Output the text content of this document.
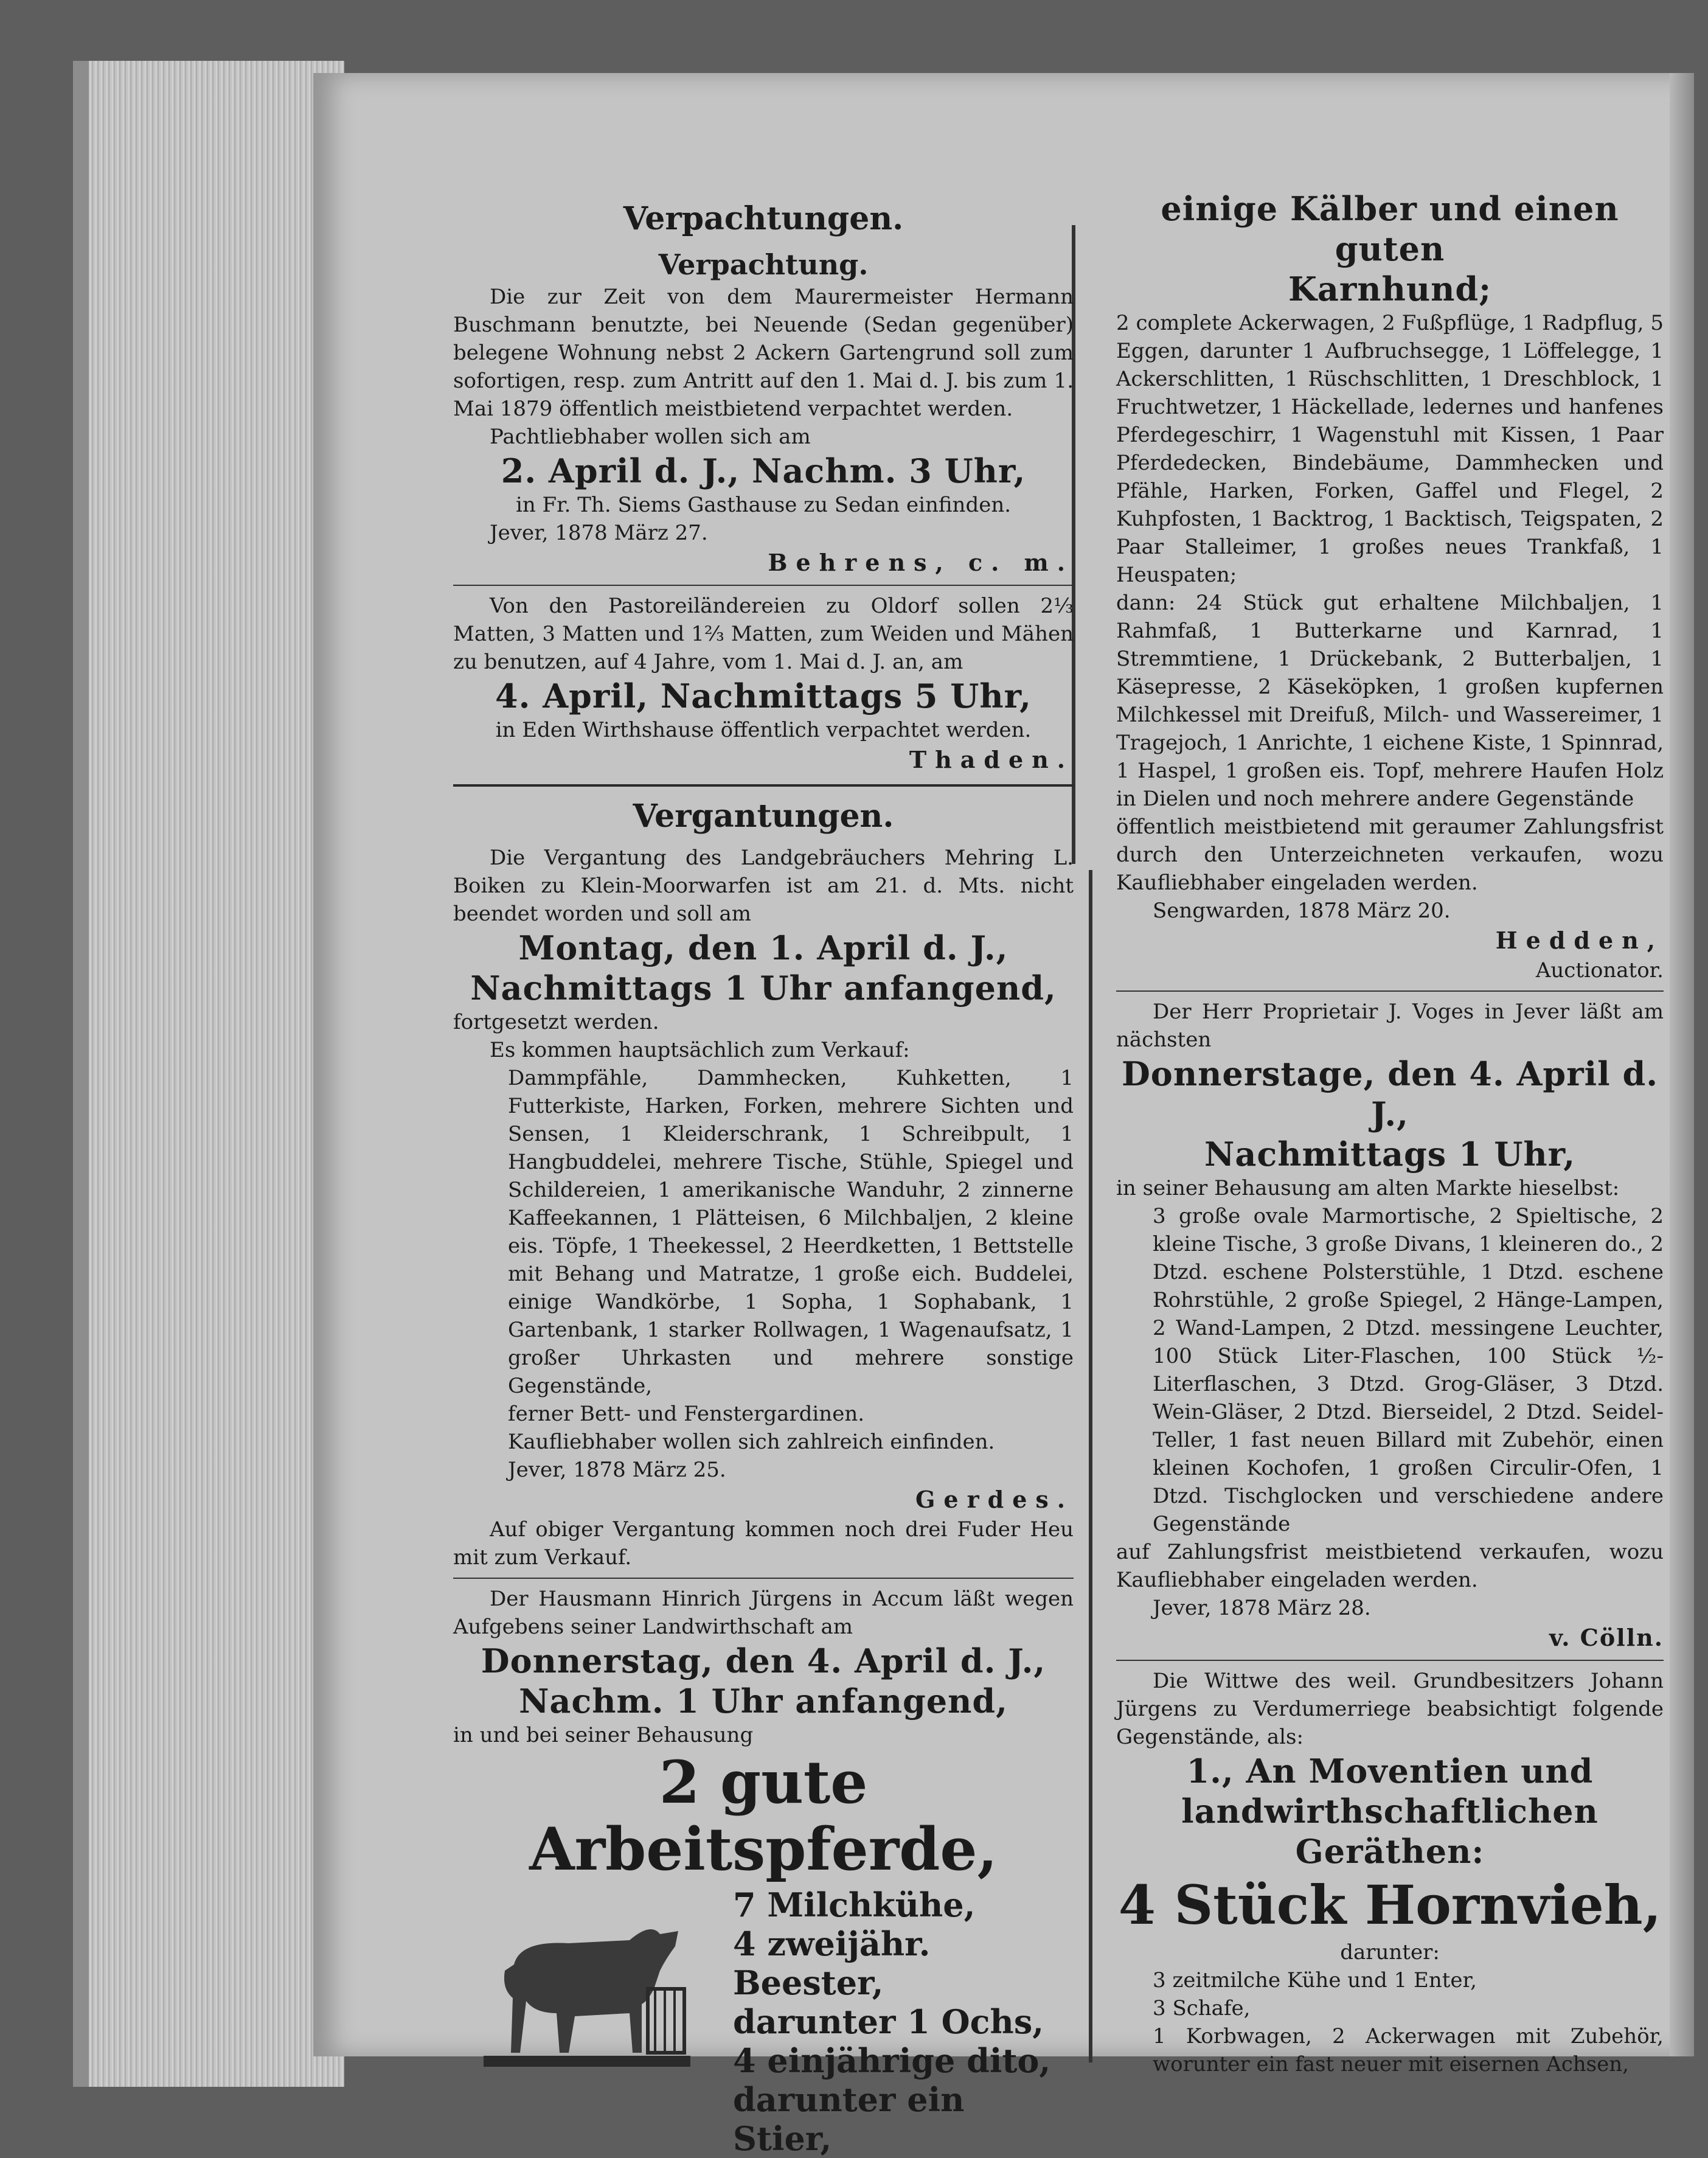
Verpachtungen.

Verpachtung.

Die zur Zeit von dem Maurermeister Hermann Buschmann benutzte, bei Neuende (Sedan gegenüber) belegene Wohnung nebst 2 Ackern Gartengrund soll zum sofortigen, resp. zum Antritt auf den 1. Mai d. J. bis zum 1. Mai 1879 öffentlich meistbietend verpachtet werden.

Pachtliebhaber wollen sich am

2. April d. J., Nachm. 3 Uhr,

in Fr. Th. Siems Gasthause zu Sedan einfinden.

Jever, 1878 März 27.

Behrens, c. m.

Von den Pastoreiländereien zu Oldorf sollen 2⅓ Matten, 3 Matten und 1⅔ Matten, zum Weiden und Mähen zu benutzen, auf 4 Jahre, vom 1. Mai d. J. an, am

4. April, Nachmittags 5 Uhr,

in Eden Wirthshause öffentlich verpachtet werden.

Thaden.

Vergantungen.

Die Vergantung des Landgebräuchers Mehring L. Boiken zu Klein-Moorwarfen ist am 21. d. Mts. nicht beendet worden und soll am

Montag, den 1. April d. J.,

Nachmittags 1 Uhr anfangend,

fortgesetzt werden.

Es kommen hauptsächlich zum Verkauf:

Dammpfähle, Dammhecken, Kuhketten, 1 Futterkiste, Harken, Forken, mehrere Sichten und Sensen, 1 Kleiderschrank, 1 Schreibpult, 1 Hangbuddelei, mehrere Tische, Stühle, Spiegel und Schildereien, 1 amerikanische Wanduhr, 2 zinnerne Kaffeekannen, 1 Plätteisen, 6 Milchbaljen, 2 kleine eis. Töpfe, 1 Theekessel, 2 Heerdketten, 1 Bettstelle mit Behang und Matratze, 1 große eich. Buddelei, einige Wandkörbe, 1 Sopha, 1 Sophabank, 1 Gartenbank, 1 starker Rollwagen, 1 Wagenaufsatz, 1 großer Uhrkasten und mehrere sonstige Gegenstände,

ferner Bett- und Fenstergardinen.

Kaufliebhaber wollen sich zahlreich einfinden.

Jever, 1878 März 25.

Gerdes.

Auf obiger Vergantung kommen noch drei Fuder Heu mit zum Verkauf.

Der Hausmann Hinrich Jürgens in Accum läßt wegen Aufgebens seiner Landwirthschaft am

Donnerstag, den 4. April d. J.,

Nachm. 1 Uhr anfangend,

in und bei seiner Behausung

2 gute Arbeitspferde,

7 Milchkühe,

4 zweijähr. Beester,

darunter 1 Ochs,

4 einjährige dito,

darunter ein Stier,

einige Kälber und einen guten

Karnhund;

2 complete Ackerwagen, 2 Fußpflüge, 1 Radpflug, 5 Eggen, darunter 1 Aufbruchsegge, 1 Löffelegge, 1 Ackerschlitten, 1 Rüschschlitten, 1 Dreschblock, 1 Fruchtwetzer, 1 Häckellade, ledernes und hanfenes Pferdegeschirr, 1 Wagenstuhl mit Kissen, 1 Paar Pferdedecken, Bindebäume, Dammhecken und Pfähle, Harken, Forken, Gaffel und Flegel, 2 Kuhpfosten, 1 Backtrog, 1 Backtisch, Teigspaten, 2 Paar Stalleimer, 1 großes neues Trankfaß, 1 Heuspaten;

dann: 24 Stück gut erhaltene Milchbaljen, 1 Rahmfaß, 1 Butterkarne und Karnrad, 1 Stremmtiene, 1 Drückebank, 2 Butterbaljen, 1 Käsepresse, 2 Käseköpken, 1 großen kupfernen Milchkessel mit Dreifuß, Milch- und Wassereimer, 1 Tragejoch, 1 Anrichte, 1 eichene Kiste, 1 Spinnrad, 1 Haspel, 1 großen eis. Topf, mehrere Haufen Holz in Dielen und noch mehrere andere Gegenstände

öffentlich meistbietend mit geraumer Zahlungsfrist durch den Unterzeichneten verkaufen, wozu Kaufliebhaber eingeladen werden.

Sengwarden, 1878 März 20.

Hedden,

Auctionator.

Der Herr Proprietair J. Voges in Jever läßt am nächsten

Donnerstage, den 4. April d. J.,

Nachmittags 1 Uhr,

in seiner Behausung am alten Markte hieselbst:

3 große ovale Marmortische, 2 Spieltische, 2 kleine Tische, 3 große Divans, 1 kleineren do., 2 Dtzd. eschene Polsterstühle, 1 Dtzd. eschene Rohrstühle, 2 große Spiegel, 2 Hänge-Lampen, 2 Wand-Lampen, 2 Dtzd. messingene Leuchter, 100 Stück Liter-Flaschen, 100 Stück ½-Literflaschen, 3 Dtzd. Grog-Gläser, 3 Dtzd. Wein-Gläser, 2 Dtzd. Bierseidel, 2 Dtzd. Seidel-Teller, 1 fast neuen Billard mit Zubehör, einen kleinen Kochofen, 1 großen Circulir-Ofen, 1 Dtzd. Tischglocken und verschiedene andere Gegenstände

auf Zahlungsfrist meistbietend verkaufen, wozu Kaufliebhaber eingeladen werden.

Jever, 1878 März 28.

v. Cölln.

Die Wittwe des weil. Grundbesitzers Johann Jürgens zu Verdumerriege beabsichtigt folgende Gegenstände, als:

1., An Moventien und landwirthschaftlichen Geräthen:

4 Stück Hornvieh,

darunter:

3 zeitmilche Kühe und 1 Enter,

3 Schafe,

1 Korbwagen, 2 Ackerwagen mit Zubehör, worunter ein fast neuer mit eisernen Achsen,
